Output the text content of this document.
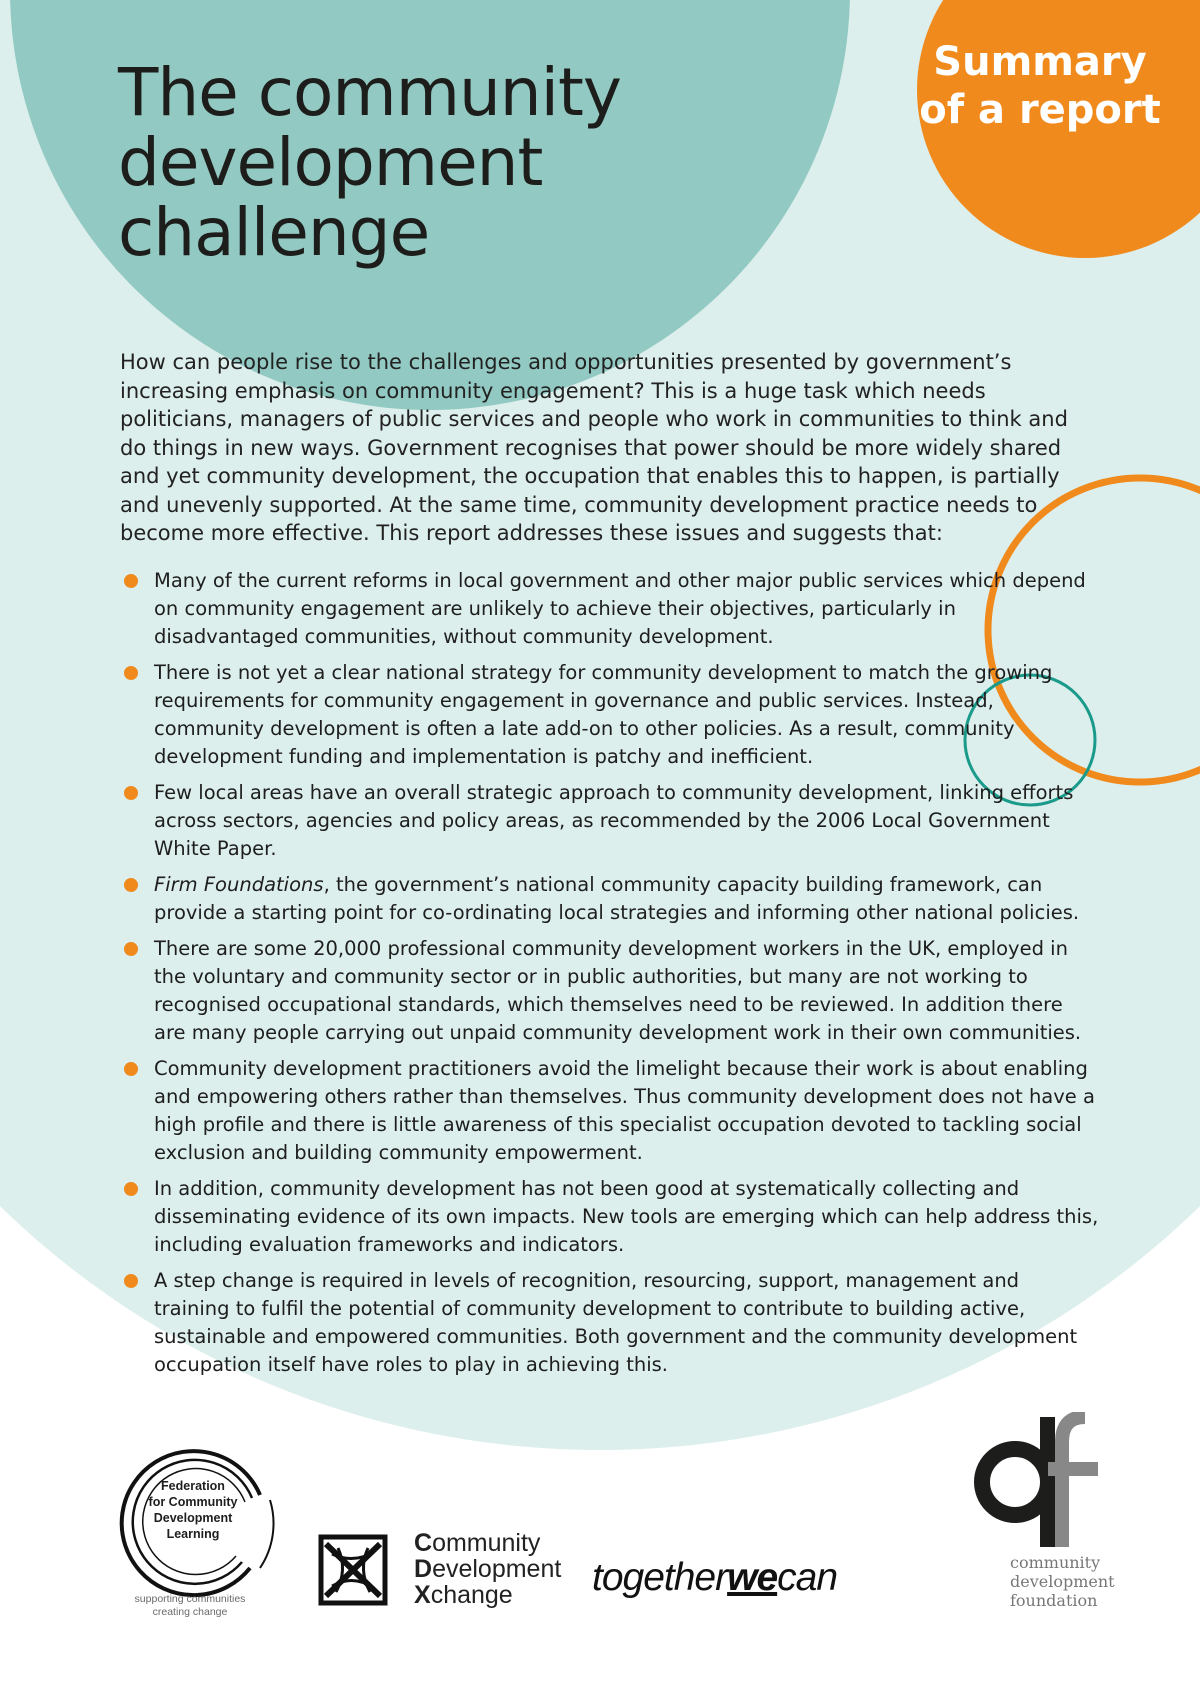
The community
development
challenge
Summary
of a report

How can people rise to the challenges and opportunities presented by government’s increasing emphasis on community engagement? This is a huge task which needs politicians, managers of public services and people who work in communities to think and do things in new ways. Government recognises that power should be more widely shared and yet community development, the occupation that enables this to happen, is partially and unevenly supported. At the same time, community development practice needs to become more effective. This report addresses these issues and suggests that:

Many of the current reforms in local government and other major public services which depend on community engagement are unlikely to achieve their objectives, particularly in disadvantaged communities, without community development.
There is not yet a clear national strategy for community development to match the growing requirements for community engagement in governance and public services. Instead, community development is often a late add-on to other policies. As a result, community development funding and implementation is patchy and inefficient.
Few local areas have an overall strategic approach to community development, linking efforts across sectors, agencies and policy areas, as recommended by the 2006 Local Government White Paper.
Firm Foundations, the government’s national community capacity building framework, can provide a starting point for co-ordinating local strategies and informing other national policies.
There are some 20,000 professional community development workers in the UK, employed in the voluntary and community sector or in public authorities, but many are not working to recognised occupational standards, which themselves need to be reviewed. In addition there are many people carrying out unpaid community development work in their own communities.
Community development practitioners avoid the limelight because their work is about enabling and empowering others rather than themselves. Thus community development does not have a high profile and there is little awareness of this specialist occupation devoted to tackling social exclusion and building community empowerment.
In addition, community development has not been good at systematically collecting and disseminating evidence of its own impacts. New tools are emerging which can help address this, including evaluation frameworks and indicators.
A step change is required in levels of recognition, resourcing, support, management and training to fulfil the potential of community development to contribute to building active, sustainable and empowered communities. Both government and the community development occupation itself have roles to play in achieving this.
Federation
for Community
Development
Learning
supporting communities
creating change
Community
Development
Xchange	togetherwecan	community
development
foundation
